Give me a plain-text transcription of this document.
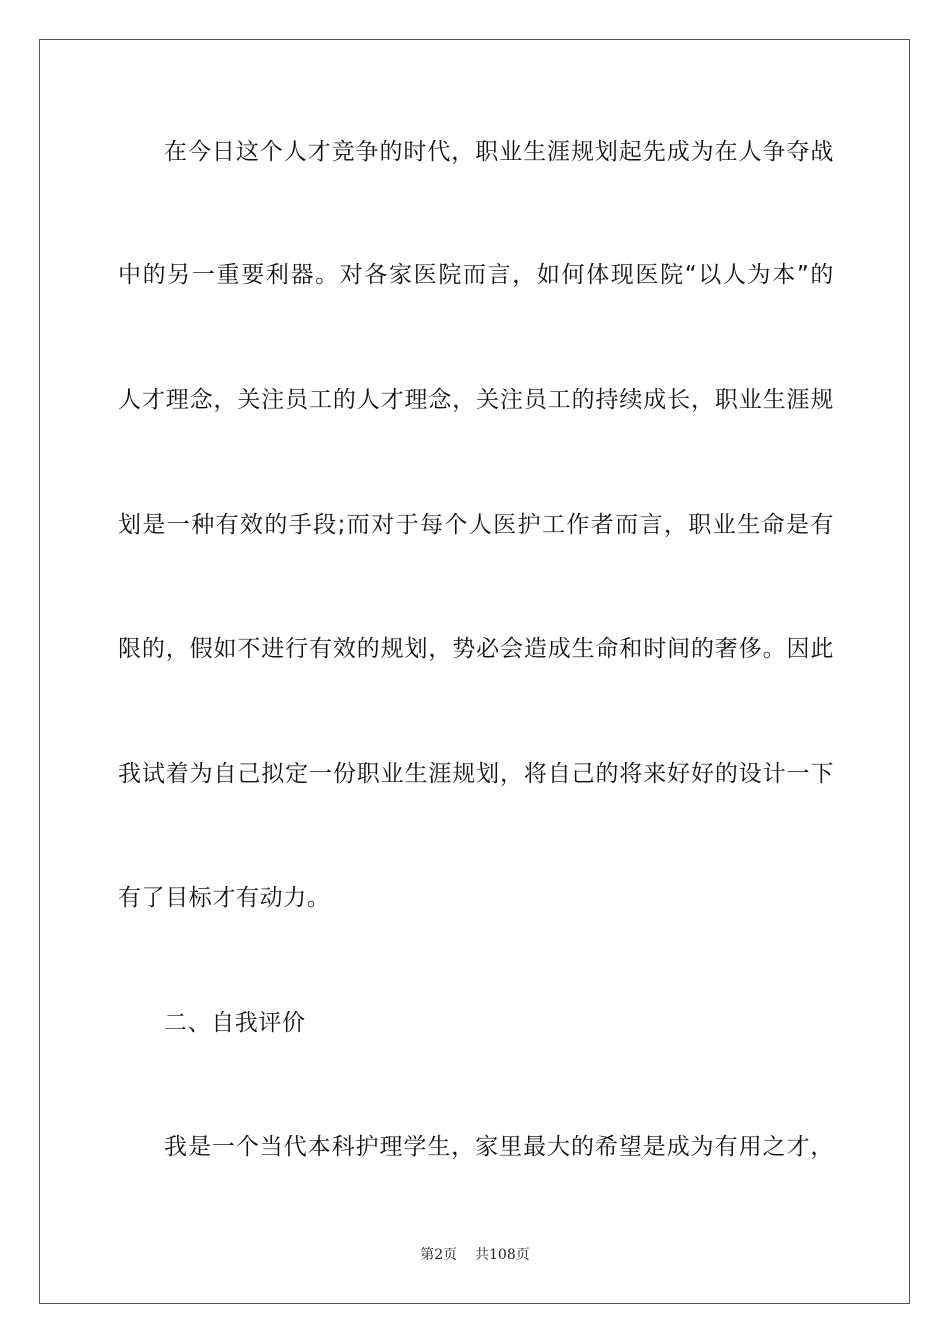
在今日这个人才竞争的时代，职业生涯规划起先成为在人争夺战
中的另一重要利器。对各家医院而言，如何体现医院“以人为本”的
人才理念，关注员工的人才理念，关注员工的持续成长，职业生涯规
划是一种有效的手段;而对于每个人医护工作者而言，职业生命是有
限的，假如不进行有效的规划，势必会造成生命和时间的奢侈。因此
我试着为自己拟定一份职业生涯规划，将自己的将来好好的设计一下
有了目标才有动力。
二、自我评价
我是一个当代本科护理学生，家里最大的希望是成为有用之才，
第2页 共108页
